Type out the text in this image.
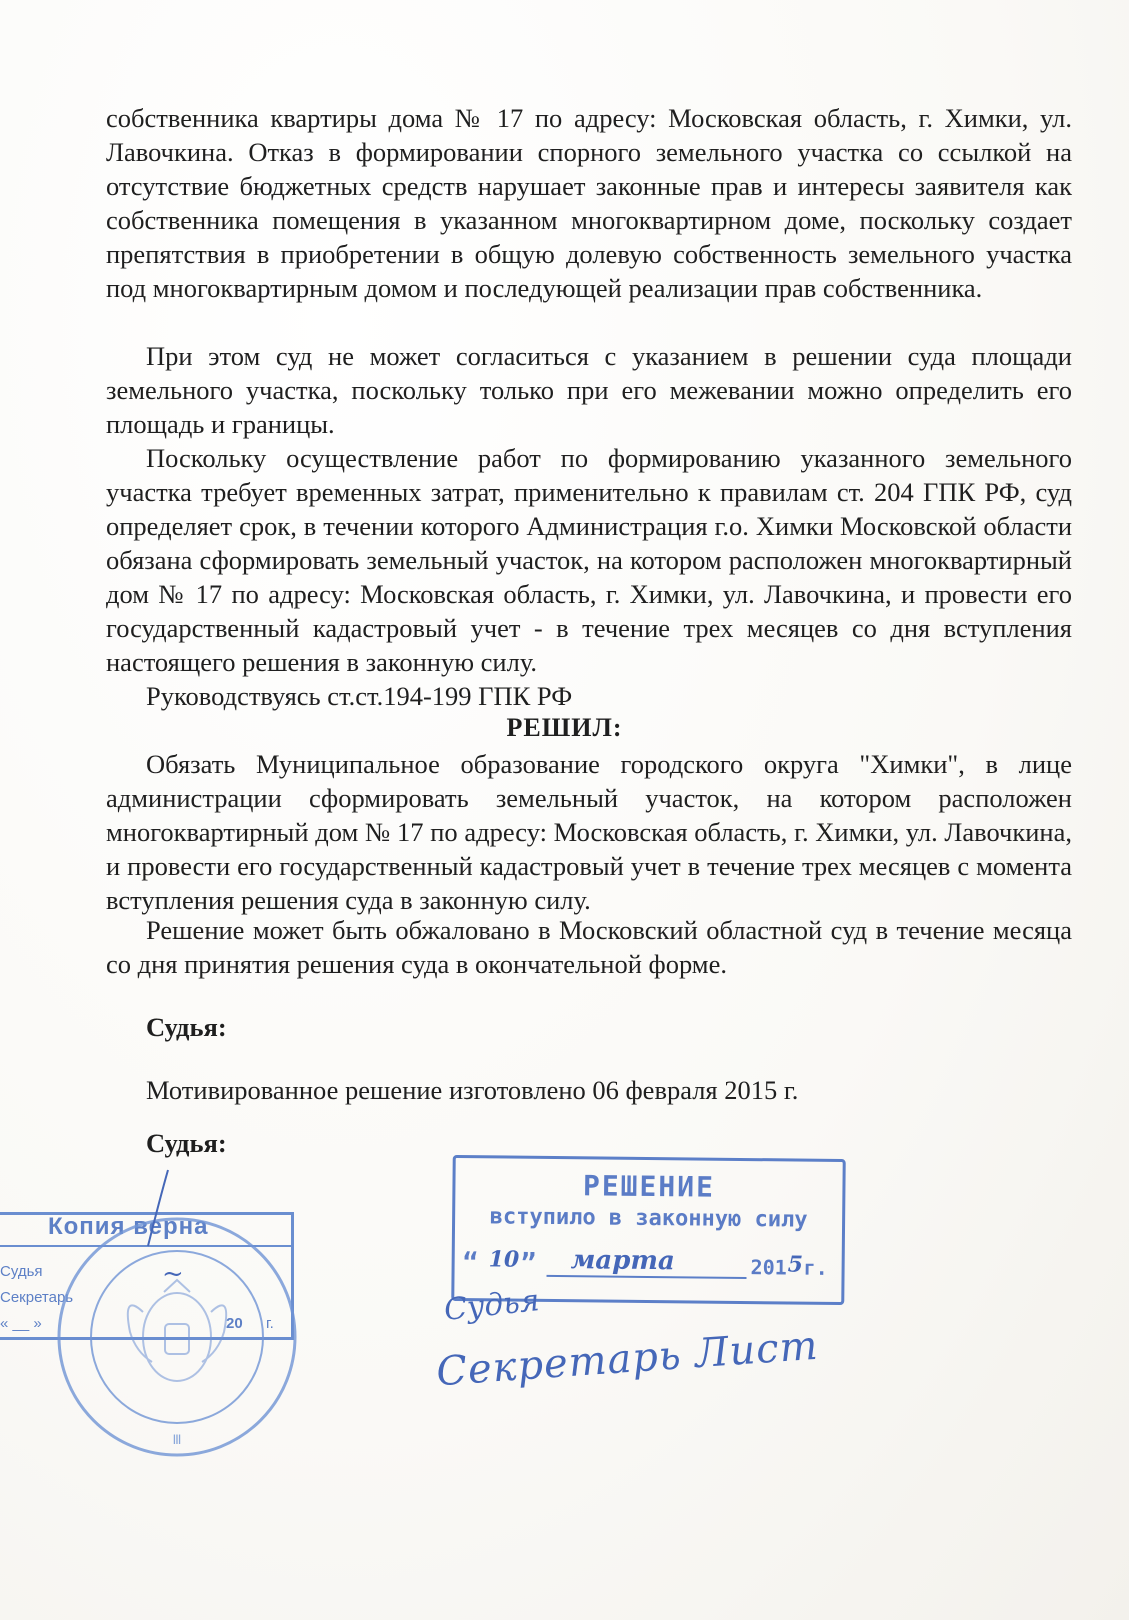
собственника квартиры дома № 17 по адресу: Московская область, г. Химки, ул. Лавочкина. Отказ в формировании спорного земельного участка со ссылкой на отсутствие бюджетных средств нарушает законные прав и интересы заявителя как собственника помещения в указанном многоквартирном доме, поскольку создает препятствия в приобретении в общую долевую собственность земельного участка под многоквартирным домом и последующей реализации прав собственника.
При этом суд не может согласиться с указанием в решении суда площади земельного участка, поскольку только при его межевании можно определить его площадь и границы.
Поскольку осуществление работ по формированию указанного земельного участка требует временных затрат, применительно к правилам ст. 204 ГПК РФ, суд определяет срок, в течении которого Администрация г.о. Химки Московской области обязана сформировать земельный участок, на котором расположен многоквартирный дом № 17 по адресу: Московская область, г. Химки, ул. Лавочкина, и провести его государственный кадастровый учет - в течение трех месяцев со дня вступления настоящего решения в законную силу.
Руководствуясь ст.ст.194-199 ГПК РФ
РЕШИЛ:
Обязать Муниципальное образование городского округа "Химки", в лице администрации сформировать земельный участок, на котором расположен многоквартирный дом № 17 по адресу: Московская область, г. Химки, ул. Лавочкина, и провести его государственный кадастровый учет в течение трех месяцев с момента вступления решения суда в законную силу.
Решение может быть обжаловано в Московский областной суд в течение месяца со дня принятия решения суда в окончательной форме.
Судья:
Мотивированное решение изготовлено 06 февраля 2015 г.
Судья:
РЕШЕНИЕ
вступило в законную силу
“ 10 ” марта	201 5 г.
Судья
Секретарь Лист
Копия верна
Судья
Секретарь
« __ »	20 г.
~
Ⅲ
